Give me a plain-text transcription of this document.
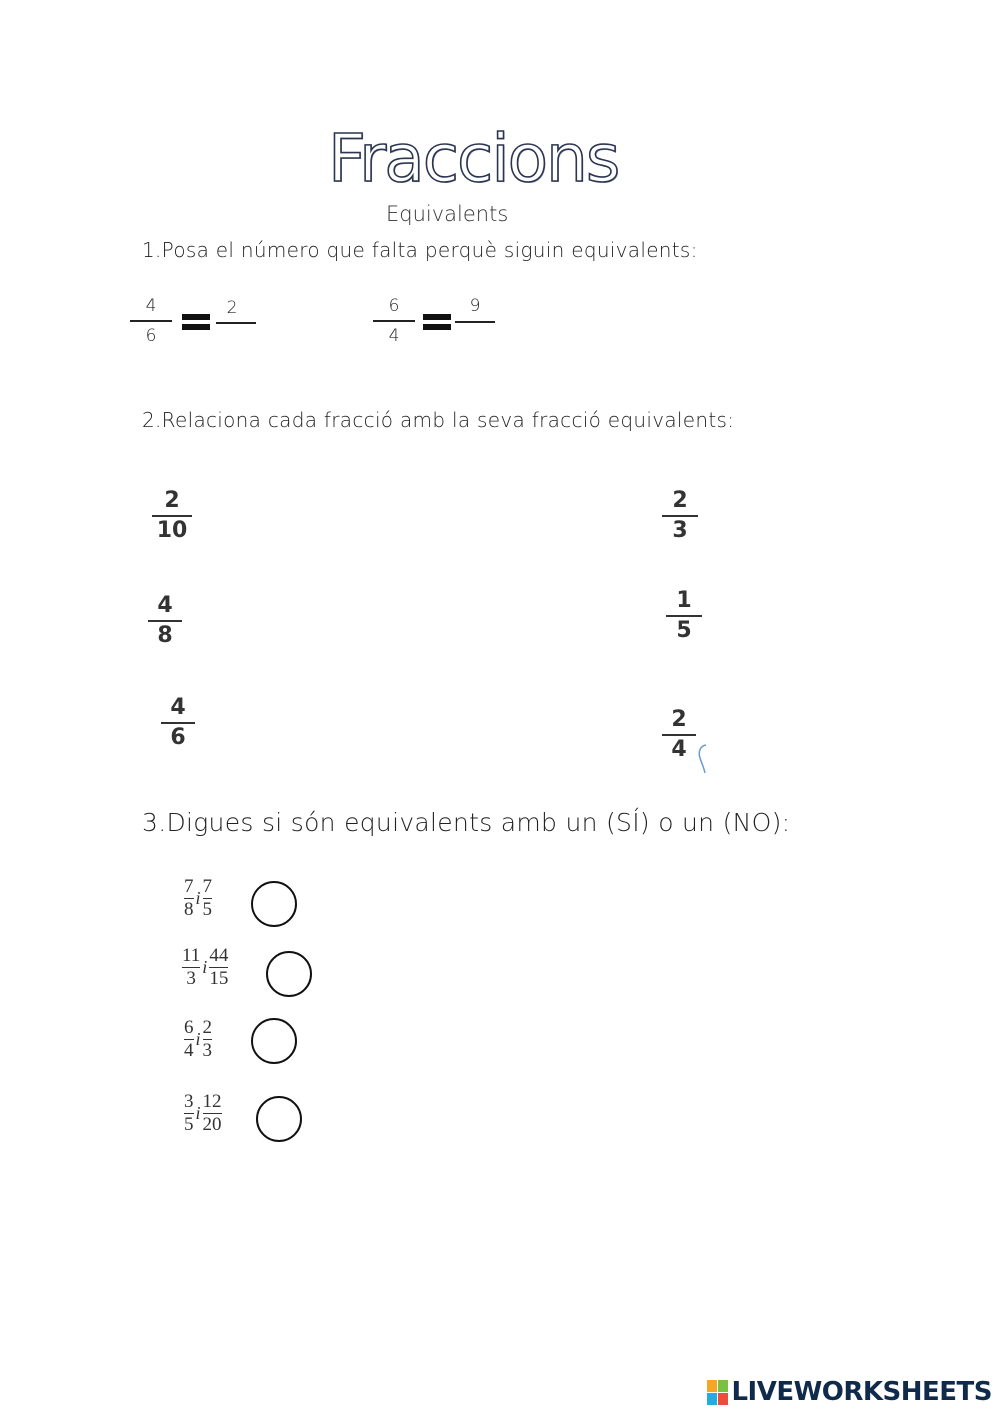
Fraccions
Equivalents
1.Posa el número que falta perquè siguin equivalents:
4
6
2	6
4
9
2.Relaciona cada fracció amb la seva fracció equivalents:
2
10
4
8
4
6
2
3
1
5
2
4
3.Digues si són equivalents amb un (SÍ) o un (NO):
$\frac{7}{8}$ i $\frac{7}{5}$
$\frac{11}{3}$ i $\frac{44}{15}$
$\frac{6}{4}$ i $\frac{2}{3}$
$\frac{3}{5}$ i $\frac{12}{20}$
LIVEWORKSHEETS
